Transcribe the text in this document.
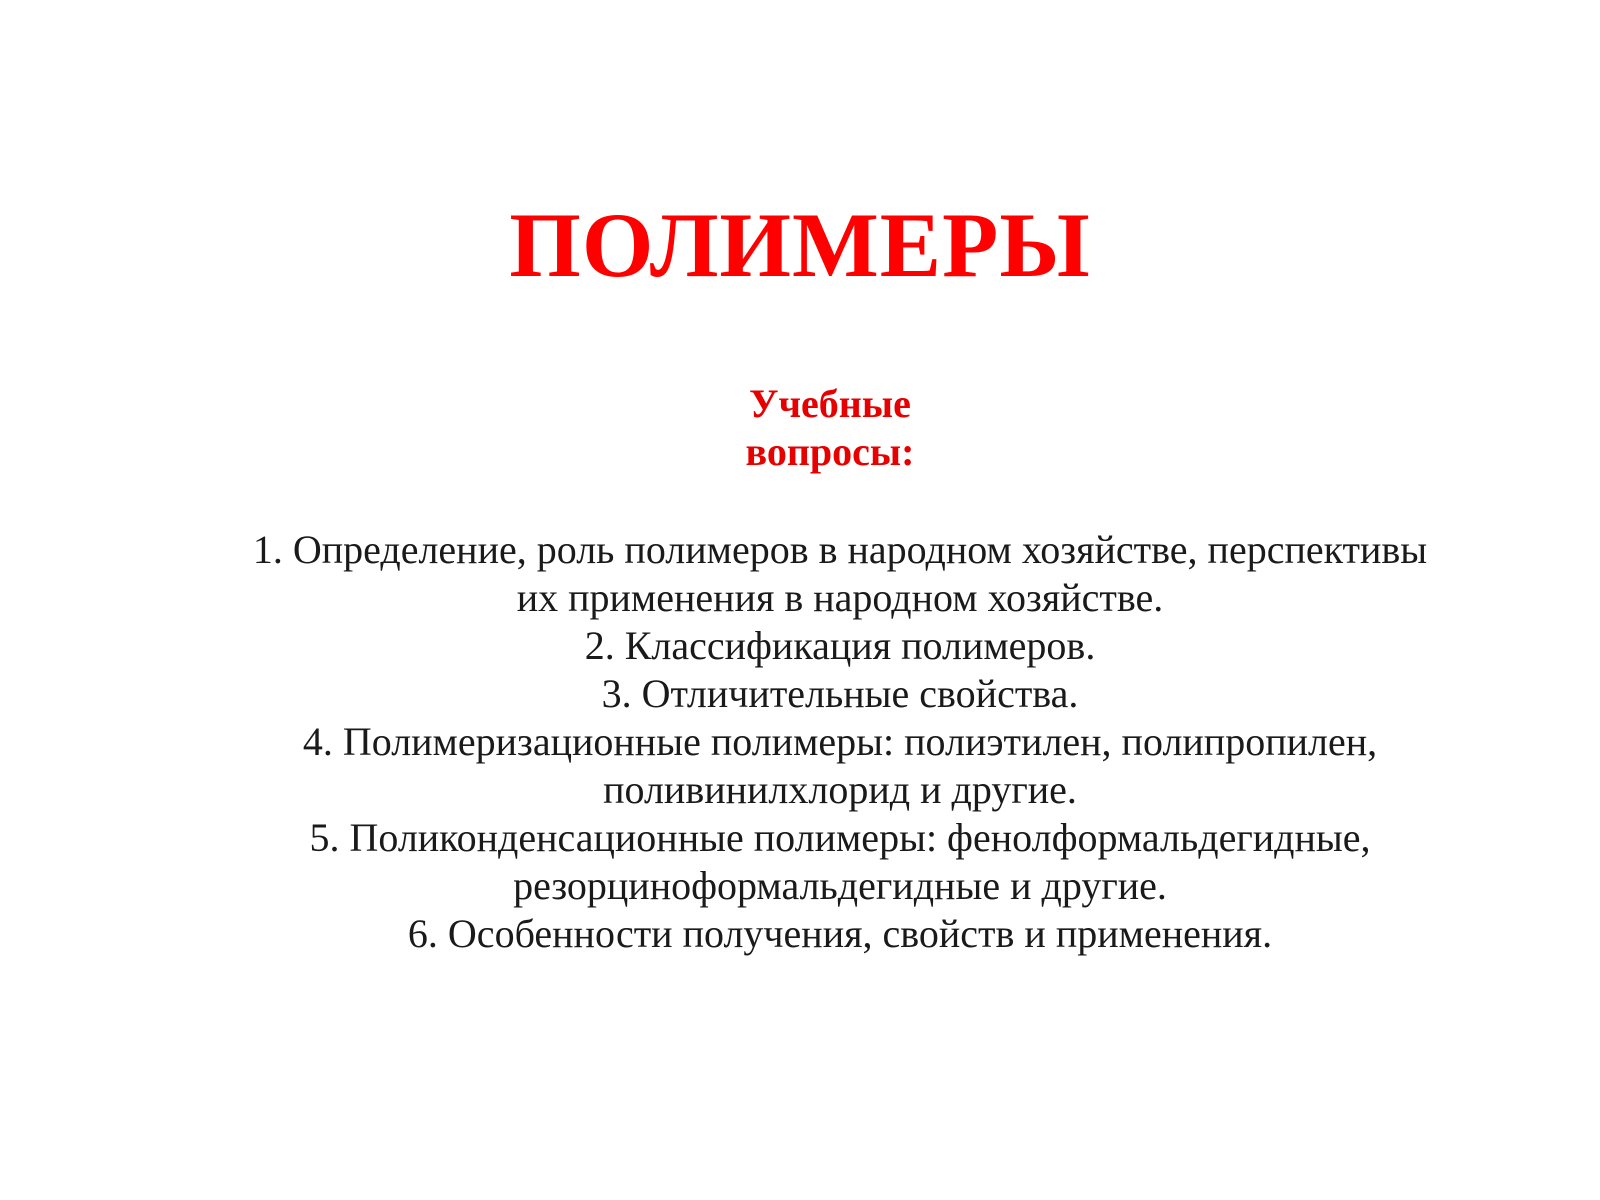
ПОЛИМЕРЫ
Учебные вопросы:
1. Определение, роль полимеров в народном хозяйстве, перспективы
их применения в народном хозяйстве.
2. Классификация полимеров.
3. Отличительные свойства.
4. Полимеризационные полимеры: полиэтилен, полипропилен,
поливинилхлорид и другие.
5. Поликонденсационные полимеры: фенолформальдегидные,
резорциноформальдегидные и другие.
6. Особенности получения, свойств и применения.
